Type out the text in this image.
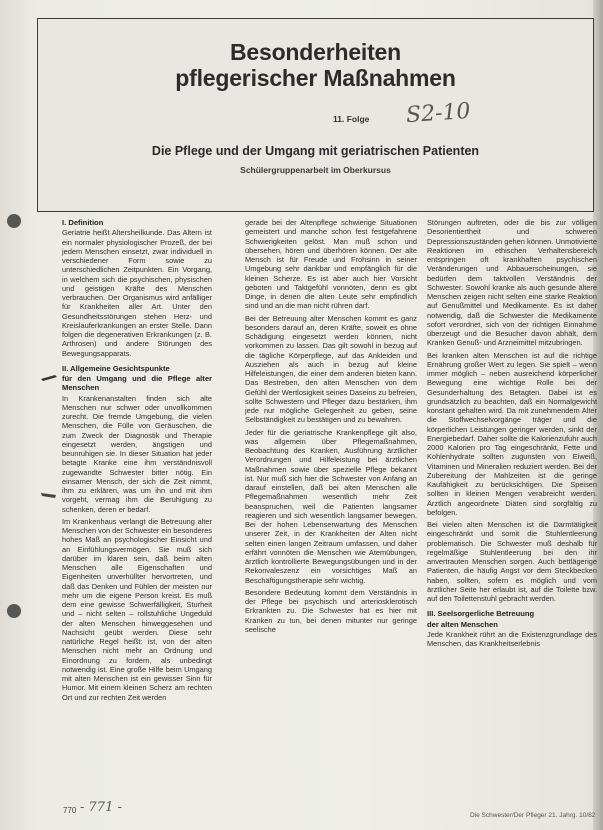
Besonderheiten
pflegerischer Maßnahmen
11. Folge S2-10
Die Pflege und der Umgang mit geriatrischen Patienten
Schülergruppenarbeit im Oberkursus
I. Definition

Geriatrie heißt Altersheilkunde. Das Altern ist ein normaler physiologischer Prozeß, der bei jedem Menschen einsetzt, zwar individuell in verschiedener Form sowie zu unterschiedlichen Zeitpunkten. Ein Vorgang, in welchem sich die psychischen, physischen und geistigen Kräfte des Menschen verbrauchen. Der Organismus wird anfälliger für Krankheiten aller Art. Unter den Gesundheitsstörungen stehen Herz- und Kreislauferkrankungen an erster Stelle. Dann folgen die degenerativen Erkrankungen (z. B. Arthrosen) und andere Störungen des Bewegungsapparats.

II. Allgemeine Gesichtspunkte
für den Umgang und die Pflege alter Menschen

In Krankenanstalten finden sich alte Menschen nur schwer oder unvollkommen zurecht. Die fremde Umgebung, die vielen Menschen, die Fülle von Geräuschen, die zum Zweck der Diagnostik und Therapie eingesetzt werden, ängstigen und beunruhigen sie. In dieser Situation hat jeder betagte Kranke eine ihm verständnisvoll zugewandte Schwester bitter nötig. Ein einsamer Mensch, der sich die Zeit nimmt, ihm zu erklären, was um ihn und mit ihm vorgeht, vermag ihm die Beruhigung zu schenken, deren er bedarf.

Im Krankenhaus verlangt die Betreuung alter Menschen von der Schwester ein besonderes hohes Maß an psychologischer Einsicht und an Einfühlungsvermögen. Sie muß sich darüber im klaren sein, daß beim alten Menschen alle Eigenschaften und Eigenheiten unverhüllter hervortreten, und daß das Denken und Fühlen der meisten nur mehr um die eigene Person kreist. Es muß dem eine gewisse Schwerfälligkeit, Sturheit und – nicht selten – rollstuhliche Ungeduld der alten Menschen hinweggesehen und Nachsicht geübt werden. Diese sehr natürliche Regel heißt: ist, von der alten Menschen nicht mehr an Ordnung und Einordnung zu fordern, als unbedingt notwendig ist. Eine große Hilfe beim Umgang mit alten Menschen ist ein gewisser Sinn für Humor. Mit einem kleinen Scherz am rechten Ort und zur rechten Zeit werden

gerade bei der Altenpflege schwierige Situationen gemeistert und manche schon fest festgefahrene Schwierigkeiten gelöst. Man muß schon und übersehen, hören und überhören können. Der alte Mensch ist für Freude und Frohsinn in seiner Umgebung sehr dankbar und empfänglich für die kleinen Scherze. Es ist aber auch hier Vorsicht geboten und Taktgefühl vonnöten, denn es gibt Dinge, in denen die alten Leute sehr empfindlich sind und an die man nicht rühren darf.

Bei der Betreuung alter Menschen kommt es ganz besonders darauf an, deren Kräfte, soweit es ohne Schädigung eingesetzt werden können, nicht vorkommen zu lassen. Das gilt sowohl in bezug auf die tägliche Körperpflege, auf das Ankleiden und Ausziehen als auch in bezug auf kleine Hilfeleistungen, die einer dem anderen bieten kann. Das Bestreben, den alten Menschen von dem Gefühl der Wertlosigkeit seines Daseins zu befreien, sollte Schwestern und Pfleger dazu bestärken, ihm jede nur mögliche Gelegenheit zu geben, seine Selbständigkeit zu bestätigen und zu bewahren.

Jeder für die geriatrische Krankenpflege gilt also, was allgemein über Pflegemaßnahmen, Beobachtung des Kranken, Ausführung ärztlicher Verordnungen und Hilfeleistung bei ärztlichen Maßnahmen sowie über spezielle Pflege bekannt ist. Nur muß sich hier die Schwester von Anfang an darauf einstellen, daß bei alten Menschen alle Pflegemaßnahmen wesentlich mehr Zeit beanspruchen, weil die Patienten langsamer reagieren und sich wesentlich langsamer bewegen. Bei der hohen Lebenserwartung des Menschen unserer Zeit, in der Krankheiten der Alten nicht selten einen langen Zeitraum umfassen, und daher erfährt vonnöten die Menschen wie Atemübungen, ärztlich kontrollierte Bewegungsübungen und in der Rekonvaleszenz ein vorsichtiges Maß an Beschäftigungstherapie sehr wichtig.

Besondere Bedeutung kommt dem Verständnis in der Pflege bei psychisch und arteriosklerotisch Erkrankten zu. Die Schwester hat es hier mit Kranken zu tun, bei denen mitunter nur geringe seelische

Störungen auftreten, oder die bis zur völligen Desorientiertheit und schweren Depressionszuständen gehen können. Unmotivierte Reaktionen im ethischen Verhaltensbereich entspringen oft krankhaften psychischen Veränderungen und Abbauerscheinungen, sie bedürfen dem taktvollen Verständnis der Schwester. Sowohl kranke als auch gesunde ältere Menschen zeigen nicht selten eine starke Reaktion auf Genußmittel und Medikamente. Es ist daher notwendig, daß die Schwester die Medikamente sofort verordnet, sich von der richtigen Einnahme überzeugt und die Besucher davon abhält, dem Kranken Genuß- und Arzneimittel mitzubringen.

Bei kranken alten Menschen ist auf die richtige Ernährung großer Wert zu legen. Sie spielt – wenn immer möglich – neben ausreichend körperlicher Bewegung eine wichtige Rolle bei der Gesunderhaltung des Betagten. Dabei ist es grundsätzlich zu beachten, daß ein Normalgewicht konstant gehalten wird. Da mit zunehmendem Alter die Stoffwechselvorgänge träger und die körperlichen Leistungen geringer werden, sinkt der Energiebedarf. Daher sollte die Kalorienzufuhr auch 2000 Kalorien pro Tag eingeschränkt, Fette und Kohlenhydrate sollten zugunsten von Eiweiß, Vitaminen und Mineralien reduziert werden. Bei der Zubereitung der Mahlzeiten ist die geringe Kaufähigkeit zu berücksichtigen. Die Speisen sollten in kleinen Mengen verabreicht werden. Ärztlich angeordnete Diäten sind sorgfältig zu befolgen.

Bei vielen alten Menschen ist die Darmtätigkeit eingeschränkt und somit die Stuhlentleerung problematisch. Die Schwester muß deshalb für regelmäßige Stuhlentleerung bei den ihr anvertrauten Menschen sorgen. Auch bettlägerige Patienten, die häufig Angst vor dem Steckbecken haben, sollten, sofern es möglich und vom ärztlicher Seite her erlaubt ist, auf die Toilette bzw. auf den Toilettenstuhl gebracht werden.

III. Seelsorgerliche Betreuung
der alten Menschen

Jede Krankheit rührt an die Existenzgrundlage des Menschen, das Krankheitserlebnis

770 - 771 -
Die Schwester/Der Pfleger 21. Jahrg. 10/82
